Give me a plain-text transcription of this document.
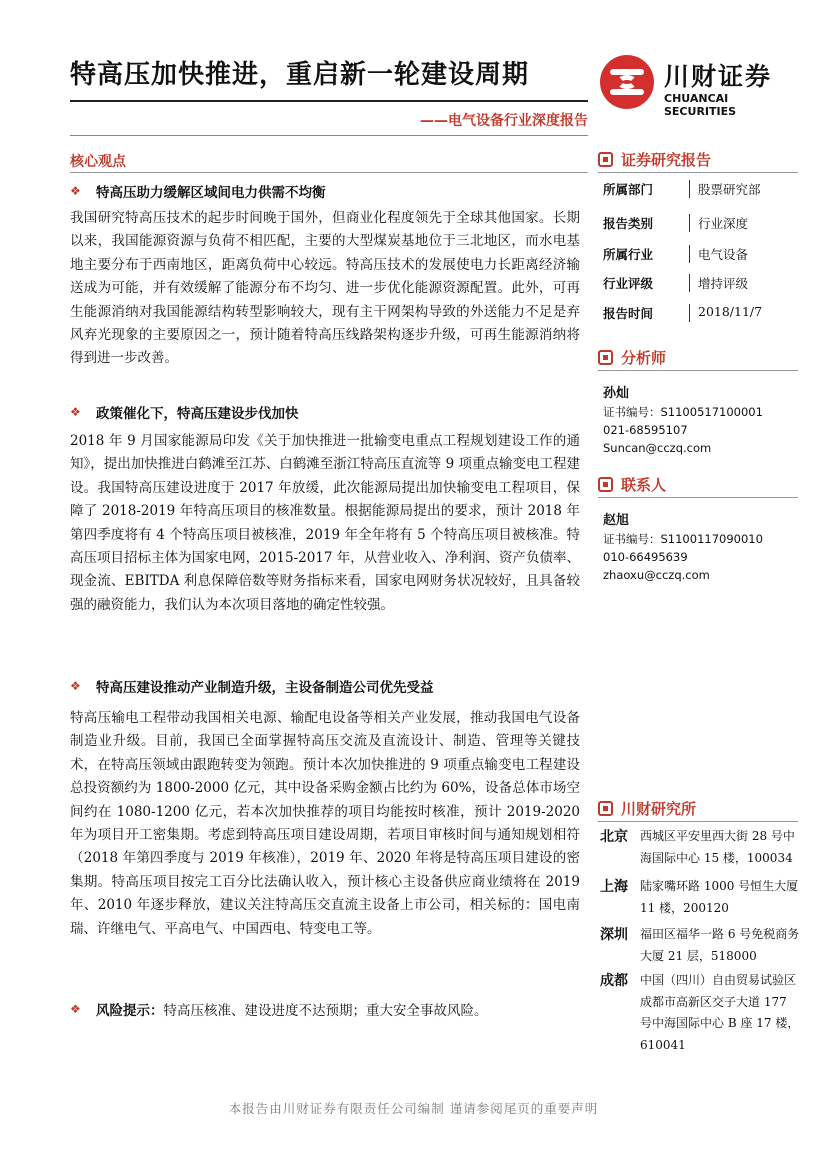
特高压加快推进，重启新一轮建设周期
——电气设备行业深度报告
川财证券
CHUANCAI SECURITIES
核心观点
❖	特高压助力缓解区域间电力供需不均衡
我国研究特高压技术的起步时间晚于国外，但商业化程度领先于全球其他国家。长期以来，我国能源资源与负荷不相匹配，主要的大型煤炭基地位于三北地区，而水电基地主要分布于西南地区，距离负荷中心较远。特高压技术的发展使电力长距离经济输送成为可能，并有效缓解了能源分布不均匀、进一步优化能源资源配置。此外，可再生能源消纳对我国能源结构转型影响较大，现有主干网架构导致的外送能力不足是弃风弃光现象的主要原因之一，预计随着特高压线路架构逐步升级，可再生能源消纳将得到进一步改善。
❖	政策催化下，特高压建设步伐加快
2018 年 9 月国家能源局印发《关于加快推进一批输变电重点工程规划建设工作的通知》，提出加快推进白鹤滩至江苏、白鹤滩至浙江特高压直流等 9 项重点输变电工程建设。我国特高压建设进度于 2017 年放缓，此次能源局提出加快输变电工程项目，保障了 2018-2019 年特高压项目的核准数量。根据能源局提出的要求，预计 2018 年第四季度将有 4 个特高压项目被核准，2019 年全年将有 5 个特高压项目被核准。特高压项目招标主体为国家电网，2015-2017 年，从营业收入、净利润、资产负债率、现金流、EBITDA 利息保障倍数等财务指标来看，国家电网财务状况较好，且具备较强的融资能力，我们认为本次项目落地的确定性较强。
❖	特高压建设推动产业制造升级，主设备制造公司优先受益
特高压输电工程带动我国相关电源、输配电设备等相关产业发展，推动我国电气设备制造业升级。目前，我国已全面掌握特高压交流及直流设计、制造、管理等关键技术，在特高压领域由跟跑转变为领跑。预计本次加快推进的 9 项重点输变电工程建设总投资额约为 1800-2000 亿元，其中设备采购金额占比约为 60%，设备总体市场空间约在 1080-1200 亿元，若本次加快推荐的项目均能按时核准，预计 2019-2020 年为项目开工密集期。考虑到特高压项目建设周期，若项目审核时间与通知规划相符（2018 年第四季度与 2019 年核准），2019 年、2020 年将是特高压项目建设的密集期。特高压项目按完工百分比法确认收入，预计核心主设备供应商业绩将在 2019 年、2010 年逐步释放，建议关注特高压交直流主设备上市公司，相关标的：国电南瑞、许继电气、平高电气、中国西电、特变电工等。
❖	风险提示： 特高压核准、建设进度不达预期；重大安全事故风险。
证券研究报告
所属部门	股票研究部
报告类别	行业深度
所属行业	电气设备
行业评级	增持评级
报告时间	2018/11/7
分析师
孙灿
证书编号：S1100517100001
021-68595107
Suncan@cczq.com
联系人
赵旭
证书编号：S1100117090010
010-66495639
zhaoxu@cczq.com
川财研究所
北京	西城区平安里西大街 28 号中海国际中心 15 楼，100034
上海	陆家嘴环路 1000 号恒生大厦 11 楼，200120
深圳	福田区福华一路 6 号免税商务大厦 21 层，518000
成都	中国（四川）自由贸易试验区成都市高新区交子大道 177 号中海国际中心 B 座 17 楼，610041
本报告由川财证券有限责任公司编制 谨请参阅尾页的重要声明
